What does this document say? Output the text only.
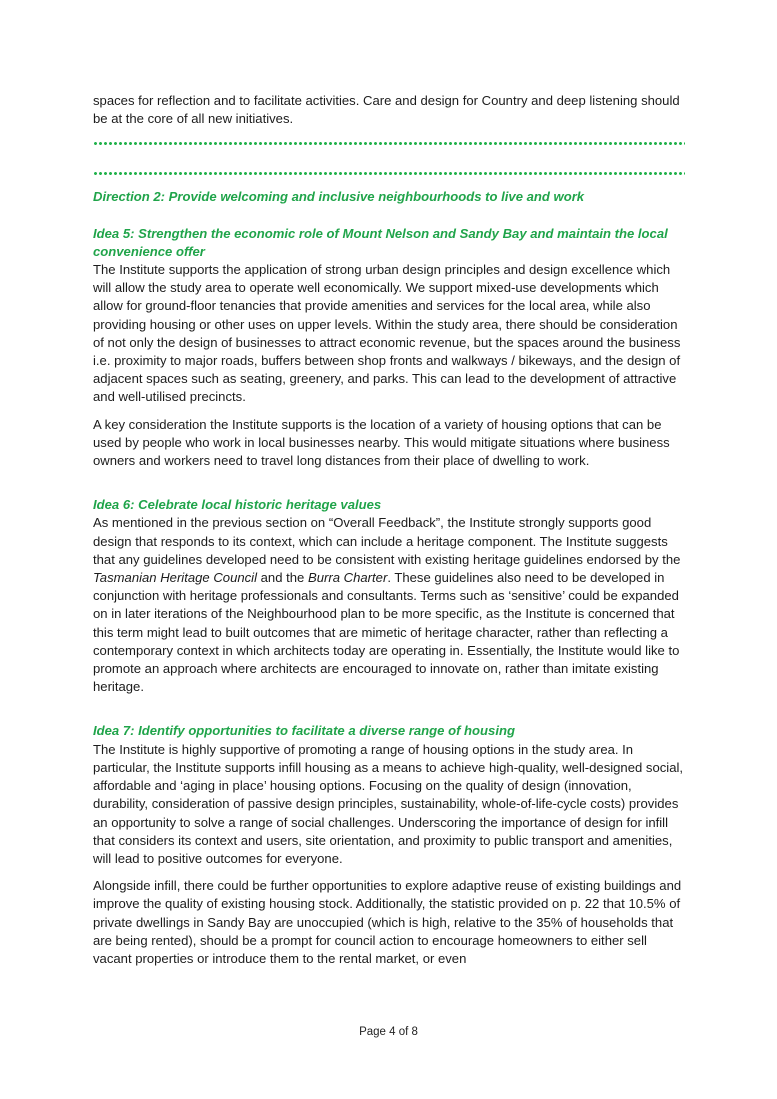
spaces for reflection and to facilitate activities. Care and design for Country and deep listening should be at the core of all new initiatives.

Direction 2: Provide welcoming and inclusive neighbourhoods to live and work

Idea 5: Strengthen the economic role of Mount Nelson and Sandy Bay and maintain the local convenience offer

The Institute supports the application of strong urban design principles and design excellence which will allow the study area to operate well economically. We support mixed-use developments which allow for ground-floor tenancies that provide amenities and services for the local area, while also providing housing or other uses on upper levels. Within the study area, there should be consideration of not only the design of businesses to attract economic revenue, but the spaces around the business i.e. proximity to major roads, buffers between shop fronts and walkways / bikeways, and the design of adjacent spaces such as seating, greenery, and parks. This can lead to the development of attractive and well-utilised precincts.

A key consideration the Institute supports is the location of a variety of housing options that can be used by people who work in local businesses nearby. This would mitigate situations where business owners and workers need to travel long distances from their place of dwelling to work.

Idea 6: Celebrate local historic heritage values

As mentioned in the previous section on “Overall Feedback”, the Institute strongly supports good design that responds to its context, which can include a heritage component. The Institute suggests that any guidelines developed need to be consistent with existing heritage guidelines endorsed by the Tasmanian Heritage Council and the Burra Charter. These guidelines also need to be developed in conjunction with heritage professionals and consultants. Terms such as ‘sensitive’ could be expanded on in later iterations of the Neighbourhood plan to be more specific, as the Institute is concerned that this term might lead to built outcomes that are mimetic of heritage character, rather than reflecting a contemporary context in which architects today are operating in. Essentially, the Institute would like to promote an approach where architects are encouraged to innovate on, rather than imitate existing heritage.

Idea 7: Identify opportunities to facilitate a diverse range of housing

The Institute is highly supportive of promoting a range of housing options in the study area. In particular, the Institute supports infill housing as a means to achieve high-quality, well-designed social, affordable and ‘aging in place’ housing options. Focusing on the quality of design (innovation, durability, consideration of passive design principles, sustainability, whole-of-life-cycle costs) provides an opportunity to solve a range of social challenges. Underscoring the importance of design for infill that considers its context and users, site orientation, and proximity to public transport and amenities, will lead to positive outcomes for everyone.

Alongside infill, there could be further opportunities to explore adaptive reuse of existing buildings and improve the quality of existing housing stock. Additionally, the statistic provided on p. 22 that 10.5% of private dwellings in Sandy Bay are unoccupied (which is high, relative to the 35% of households that are being rented), should be a prompt for council action to encourage homeowners to either sell vacant properties or introduce them to the rental market, or even

Page 4 of 8
